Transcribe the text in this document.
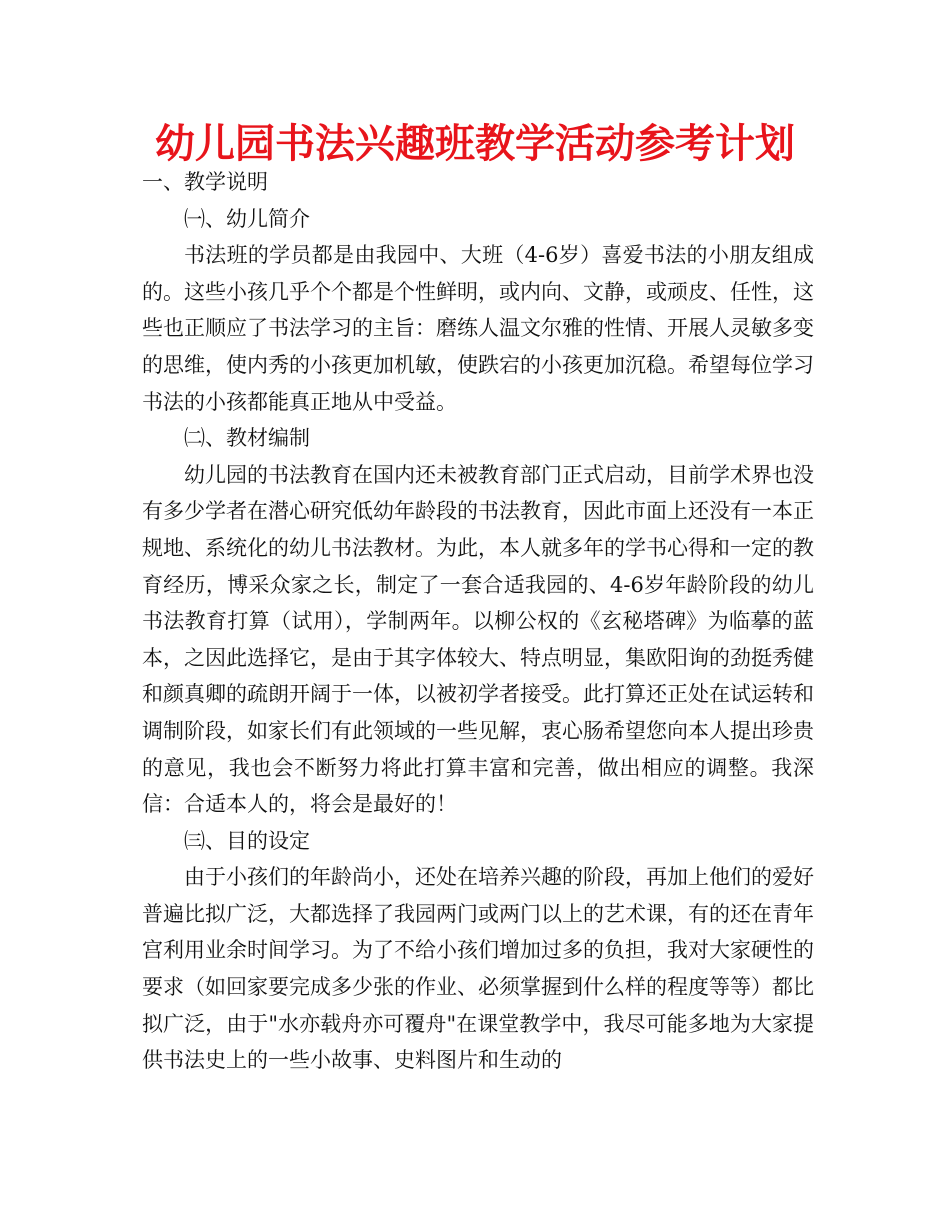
幼儿园书法兴趣班教学活动参考计划

一、教学说明

㈠、幼儿简介

书法班的学员都是由我园中、大班（4-6岁）喜爱书法的小朋友组成的。这些小孩几乎个个都是个性鲜明，或内向、文静，或顽皮、任性，这些也正顺应了书法学习的主旨：磨练人温文尔雅的性情、开展人灵敏多变的思维，使内秀的小孩更加机敏，使跌宕的小孩更加沉稳。希望每位学习书法的小孩都能真正地从中受益。

㈡、教材编制

幼儿园的书法教育在国内还未被教育部门正式启动，目前学术界也没有多少学者在潜心研究低幼年龄段的书法教育，因此市面上还没有一本正规地、系统化的幼儿书法教材。为此，本人就多年的学书心得和一定的教育经历，博采众家之长，制定了一套合适我园的、4-6岁年龄阶段的幼儿书法教育打算（试用），学制两年。以柳公权的《玄秘塔碑》为临摹的蓝本，之因此选择它，是由于其字体较大、特点明显，集欧阳询的劲挺秀健和颜真卿的疏朗开阔于一体，以被初学者接受。此打算还正处在试运转和调制阶段，如家长们有此领域的一些见解，衷心肠希望您向本人提出珍贵的意见，我也会不断努力将此打算丰富和完善，做出相应的调整。我深信：合适本人的，将会是最好的！

㈢、目的设定

由于小孩们的年龄尚小，还处在培养兴趣的阶段，再加上他们的爱好普遍比拟广泛，大都选择了我园两门或两门以上的艺术课，有的还在青年宫利用业余时间学习。为了不给小孩们增加过多的负担，我对大家硬性的要求（如回家要完成多少张的作业、必须掌握到什么样的程度等等）都比拟广泛，由于"水亦载舟亦可覆舟"在课堂教学中，我尽可能多地为大家提供书法史上的一些小故事、史料图片和生动的
